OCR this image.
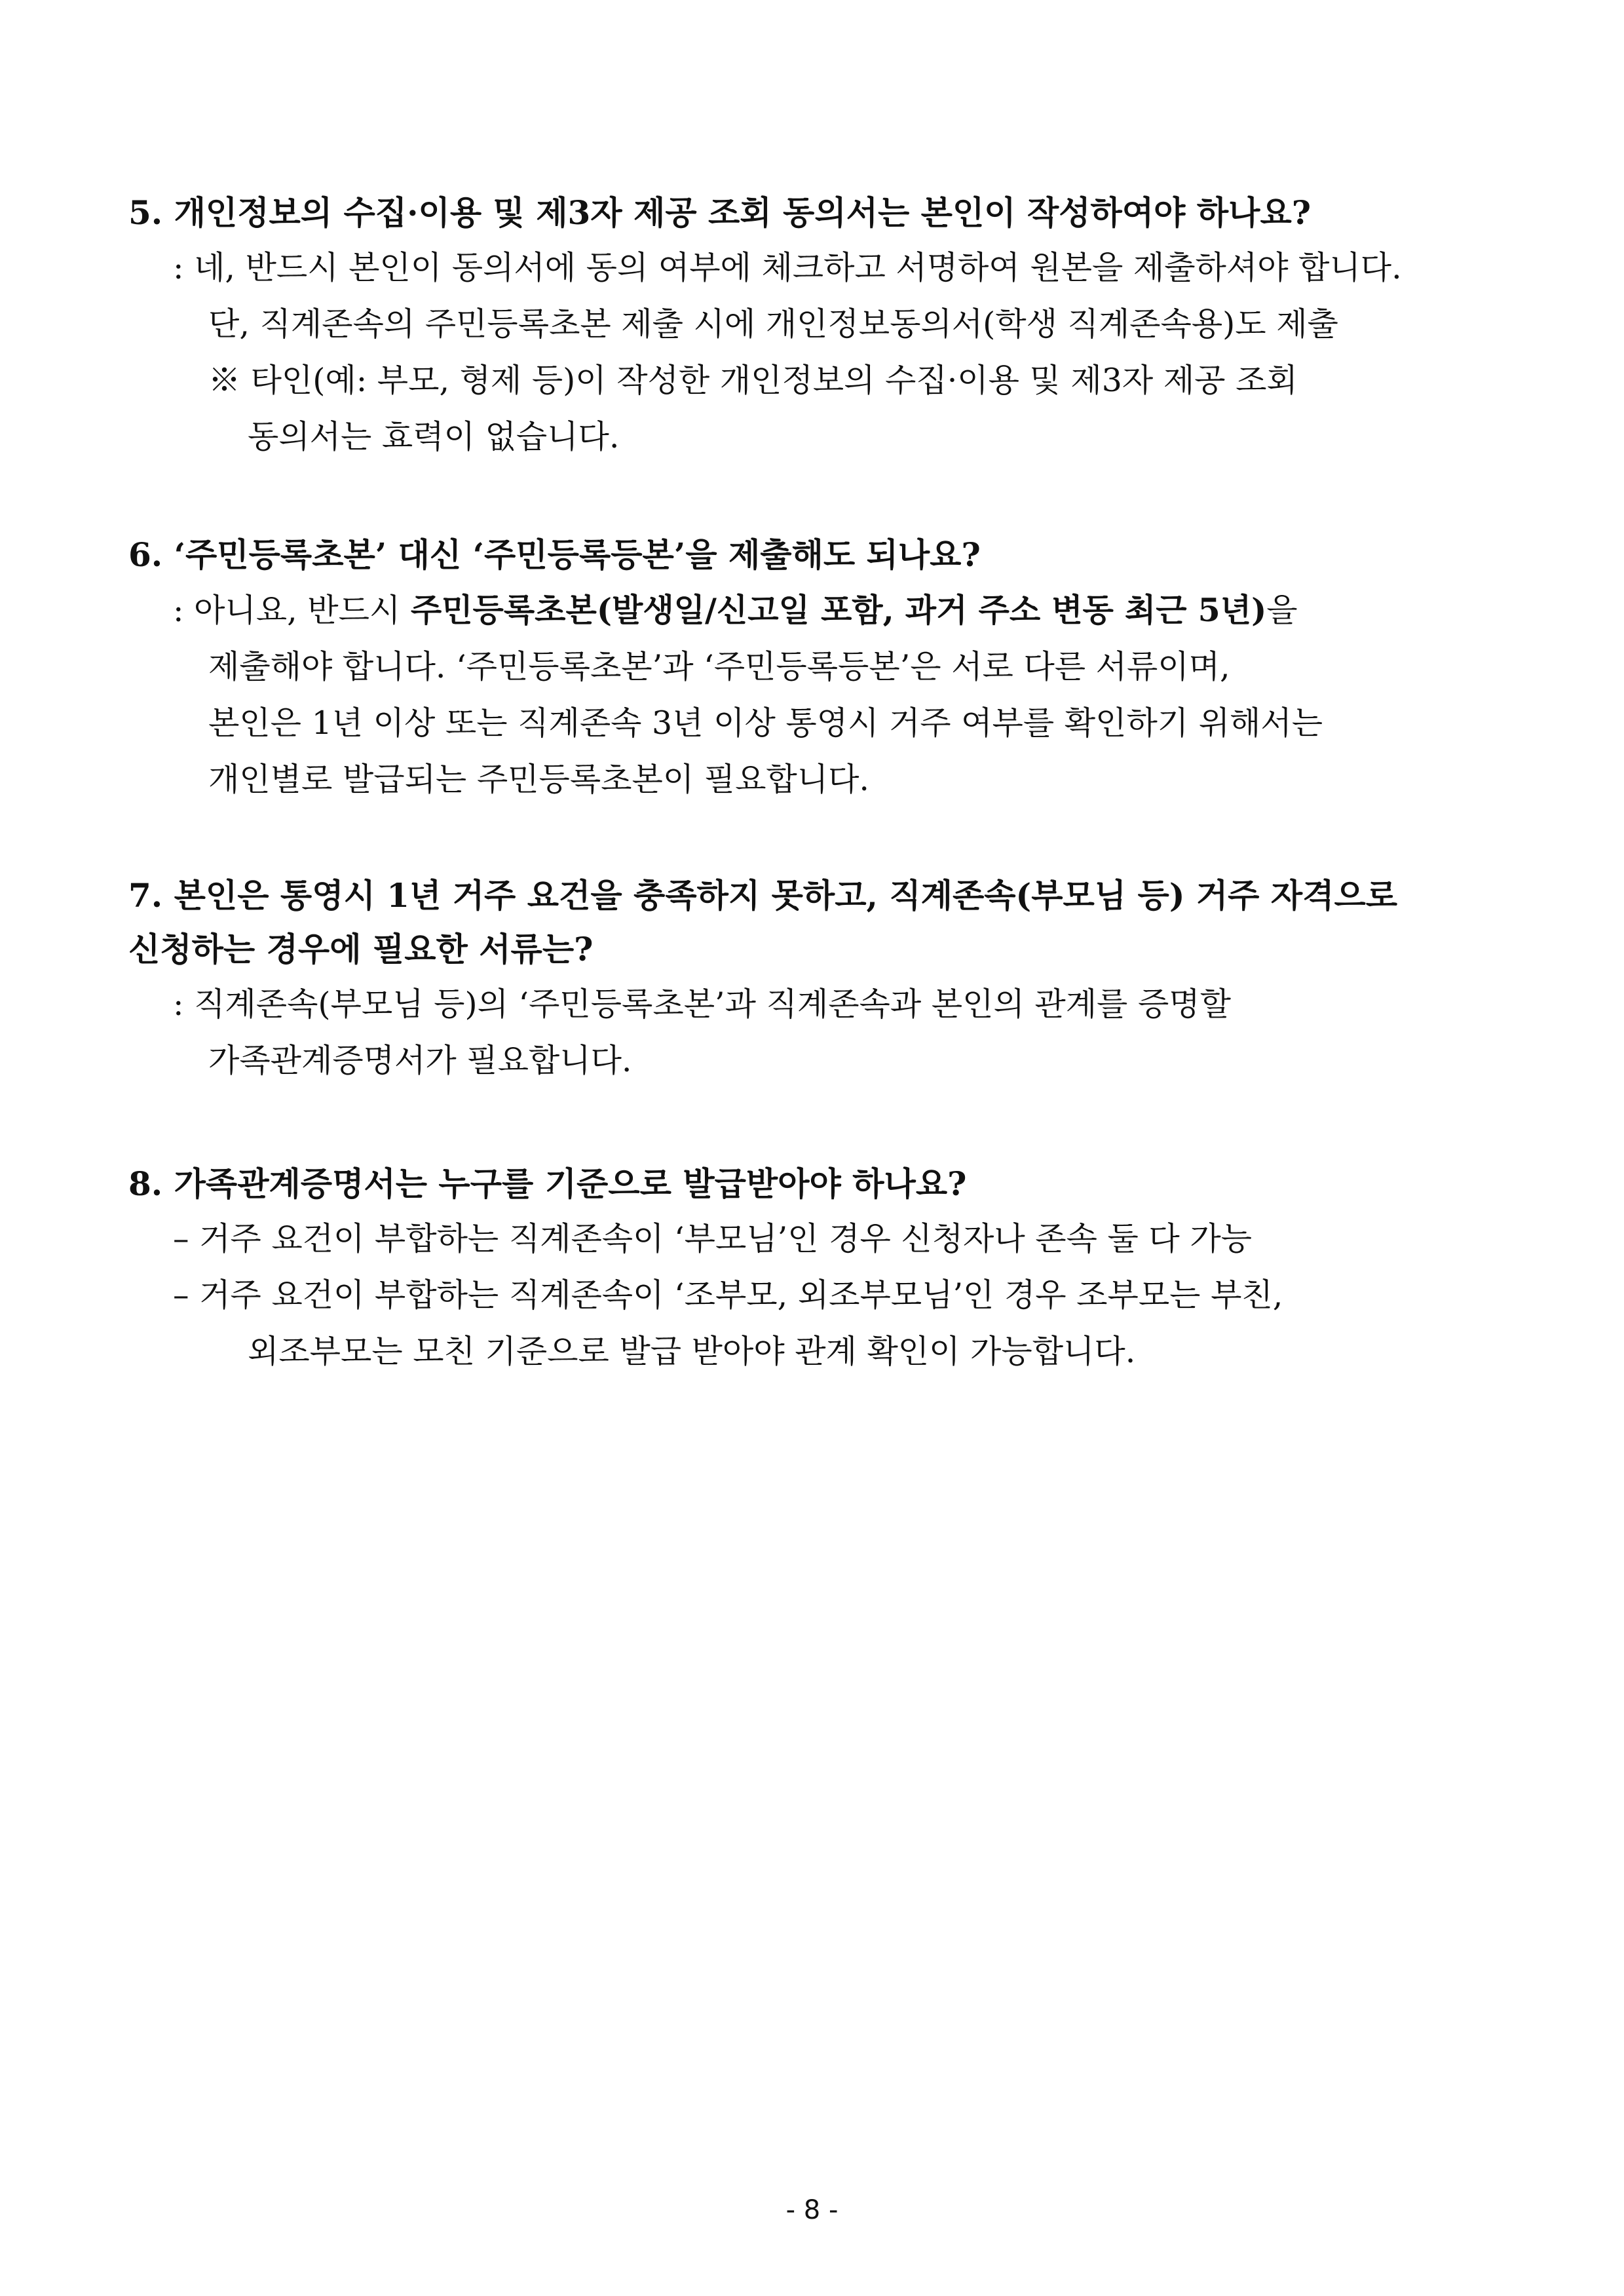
5. 개인정보의 수집·이용 및 제3자 제공 조회 동의서는 본인이 작성하여야 하나요?
: 네, 반드시 본인이 동의서에 동의 여부에 체크하고 서명하여 원본을 제출하셔야 합니다.
단, 직계존속의 주민등록초본 제출 시에 개인정보동의서(학생 직계존속용)도 제출
※ 타인(예: 부모, 형제 등)이 작성한 개인정보의 수집·이용 및 제3자 제공 조회
동의서는 효력이 없습니다.
6. ‘주민등록초본’ 대신 ‘주민등록등본’을 제출해도 되나요?
: 아니요, 반드시 주민등록초본(발생일/신고일 포함, 과거 주소 변동 최근 5년)을
제출해야 합니다. ‘주민등록초본’과 ‘주민등록등본’은 서로 다른 서류이며,
본인은 1년 이상 또는 직계존속 3년 이상 통영시 거주 여부를 확인하기 위해서는
개인별로 발급되는 주민등록초본이 필요합니다.
7. 본인은 통영시 1년 거주 요건을 충족하지 못하고, 직계존속(부모님 등) 거주 자격으로
신청하는 경우에 필요한 서류는?
: 직계존속(부모님 등)의 ‘주민등록초본’과 직계존속과 본인의 관계를 증명할
가족관계증명서가 필요합니다.
8. 가족관계증명서는 누구를 기준으로 발급받아야 하나요?
– 거주 요건이 부합하는 직계존속이 ‘부모님’인 경우 신청자나 존속 둘 다 가능
– 거주 요건이 부합하는 직계존속이 ‘조부모, 외조부모님’인 경우 조부모는 부친,
외조부모는 모친 기준으로 발급 받아야 관계 확인이 가능합니다.
- 8 -
